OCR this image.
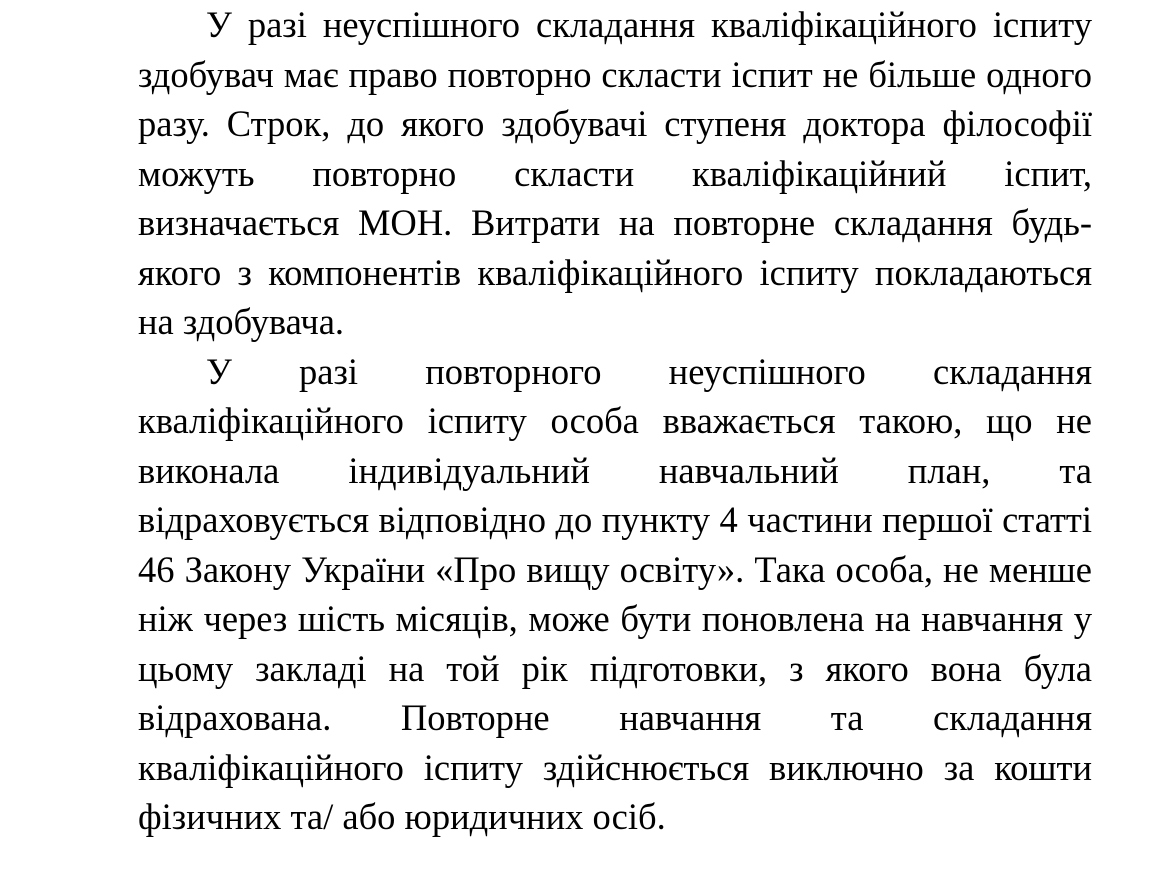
У разі неуспішного складання кваліфікаційного іспиту здобувач має право повторно скласти іспит не більше одного разу. Строк, до якого здобувачі ступеня доктора філософії можуть повторно скласти кваліфікаційний іспит, визначається МОН. Витрати на повторне складання будь-якого з компонентів кваліфікаційного іспиту покладаються на здобувача.

У разі повторного неуспішного складання кваліфікаційного іспиту особа вважається такою, що не виконала індивідуальний навчальний план, та відраховується відповідно до пункту 4 частини першої статті 46 Закону України «Про вищу освіту». Така особа, не менше ніж через шість місяців, може бути поновлена на навчання у цьому закладі на той рік підготовки, з якого вона була відрахована. Повторне навчання та складання кваліфікаційного іспиту здійснюється виключно за кошти фізичних та/ або юридичних осіб.
